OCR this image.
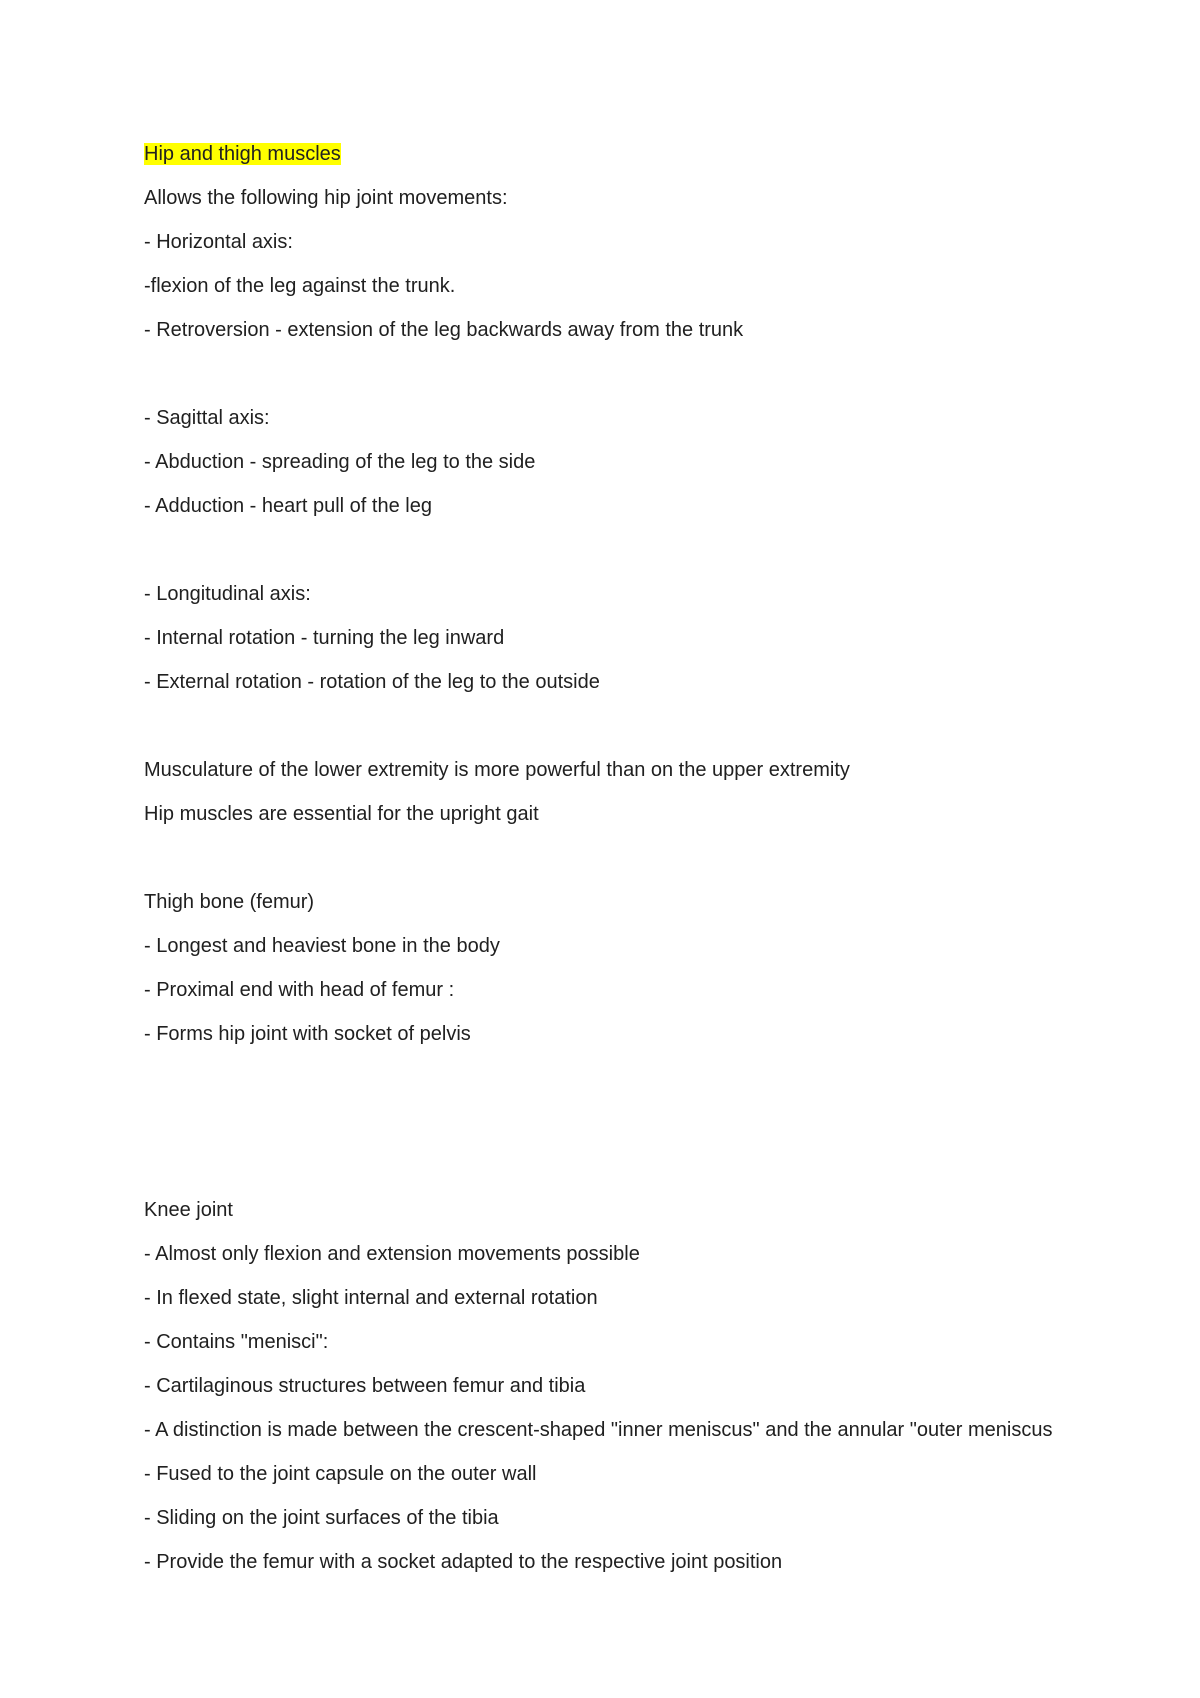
Hip and thigh muscles
Allows the following hip joint movements:
- Horizontal axis:
-flexion of the leg against the trunk.
- Retroversion - extension of the leg backwards away from the trunk
- Sagittal axis:
- Abduction - spreading of the leg to the side
- Adduction - heart pull of the leg
- Longitudinal axis:
- Internal rotation - turning the leg inward
- External rotation - rotation of the leg to the outside
Musculature of the lower extremity is more powerful than on the upper extremity
Hip muscles are essential for the upright gait
Thigh bone (femur)
- Longest and heaviest bone in the body
- Proximal end with head of femur :
- Forms hip joint with socket of pelvis
Knee joint
- Almost only flexion and extension movements possible
- In flexed state, slight internal and external rotation
- Contains "menisci":
- Cartilaginous structures between femur and tibia
- A distinction is made between the crescent-shaped "inner meniscus" and the annular "outer meniscus
- Fused to the joint capsule on the outer wall
- Sliding on the joint surfaces of the tibia
- Provide the femur with a socket adapted to the respective joint position
